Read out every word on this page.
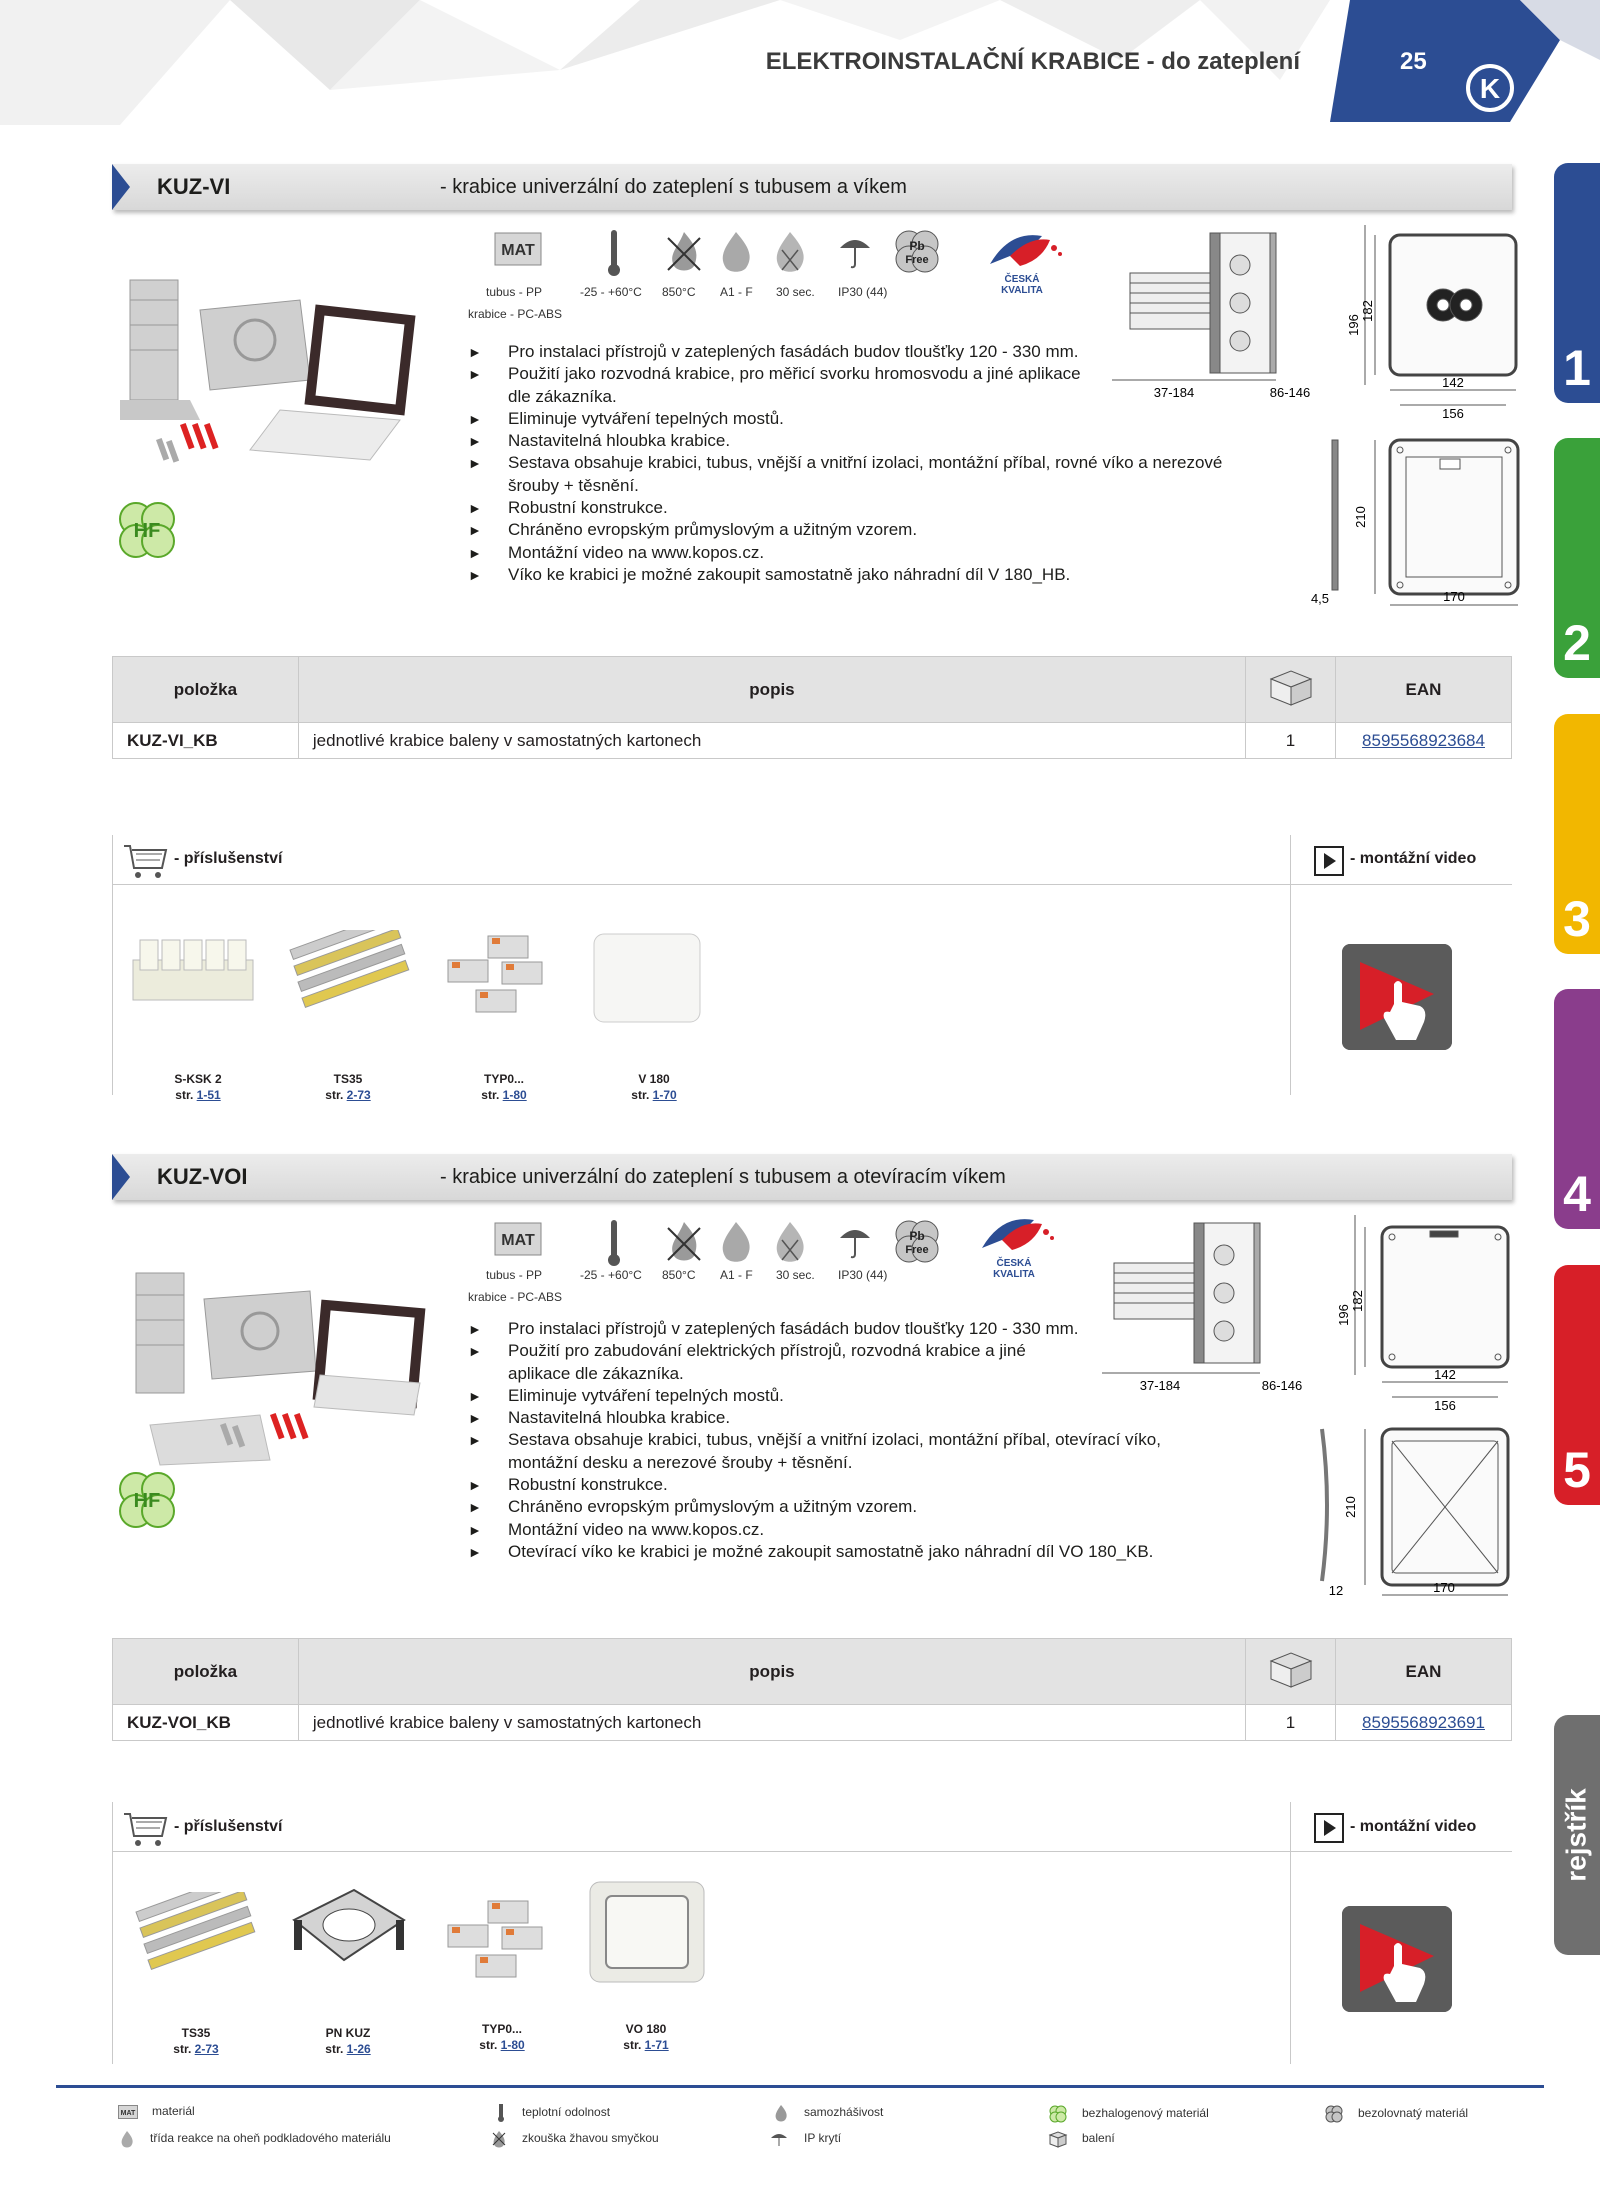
ELEKTROINSTALAČNÍ KRABICE - do zateplení
K
25
1
2
3
4
5
rejstřík
KUZ-VI	- krabice univerzální do zateplení s tubusem a víkem
MAT	Pb
Free
tubus - PP
krabice - PC-ABS
-25 - +60°C 850°C A1 - F 30 sec. IP30 (44)
ČESKÁ
KVALITA
HF
► Pro instalaci přístrojů v zateplených fasádách budov tloušťky 120 - 330 mm.
► Použití jako rozvodná krabice, pro měřicí svorku hromosvodu a jiné aplikace dle zákazníka.
► Eliminuje vytváření tepelných mostů.
► Nastavitelná hloubka krabice.
► Sestava obsahuje krabici, tubus, vnější a vnitřní izolaci, montážní příbal, rovné víko a nerezové šrouby + těsnění.
► Robustní konstrukce.
► Chráněno evropským průmyslovým a užitným vzorem.
► Montážní video na www.kopos.cz.
► Víko ke krabici je možné zakoupit samostatně jako náhradní díl V 180_HB.
37-184	86-146
196
182
142
156
210
4,5	170
položka	popis		EAN
KUZ-VI_KB	jednotlivé krabice baleny v samostatných kartonech	1	8595568923684
- příslušenství	- montážní video
S-KSK 2
str. 1-51
TS35
str. 2-73
TYP0...
str. 1-80
V 180
str. 1-70
KUZ-VOI	- krabice univerzální do zateplení s tubusem a otevíracím víkem
MAT	Pb
Free
tubus - PP
krabice - PC-ABS
-25 - +60°C 850°C A1 - F 30 sec. IP30 (44)
ČESKÁ
KVALITA
HF
► Pro instalaci přístrojů v zateplených fasádách budov tloušťky 120 - 330 mm.
► Použití pro zabudování elektrických přístrojů, rozvodná krabice a jiné aplikace dle zákazníka.
► Eliminuje vytváření tepelných mostů.
► Nastavitelná hloubka krabice.
► Sestava obsahuje krabici, tubus, vnější a vnitřní izolaci, montážní příbal, otevírací víko, montážní desku a nerezové šrouby + těsnění.
► Robustní konstrukce.
► Chráněno evropským průmyslovým a užitným vzorem.
► Montážní video na www.kopos.cz.
► Otevírací víko ke krabici je možné zakoupit samostatně jako náhradní díl VO 180_KB.
37-184	86-146
196
182
142
156
210
12	170
položka	popis		EAN
KUZ-VOI_KB	jednotlivé krabice baleny v samostatných kartonech	1	8595568923691
- příslušenství	- montážní video
TS35
str. 2-73
PN KUZ
str. 1-26
TYP0...
str. 1-80
VO 180
str. 1-71
MAT materiál	teplotní odolnost	samozhášivost	bezhalogenový materiál	bezolovnatý materiál
třída reakce na oheň podkladového materiálu	zkouška žhavou smyčkou	IP krytí	balení
